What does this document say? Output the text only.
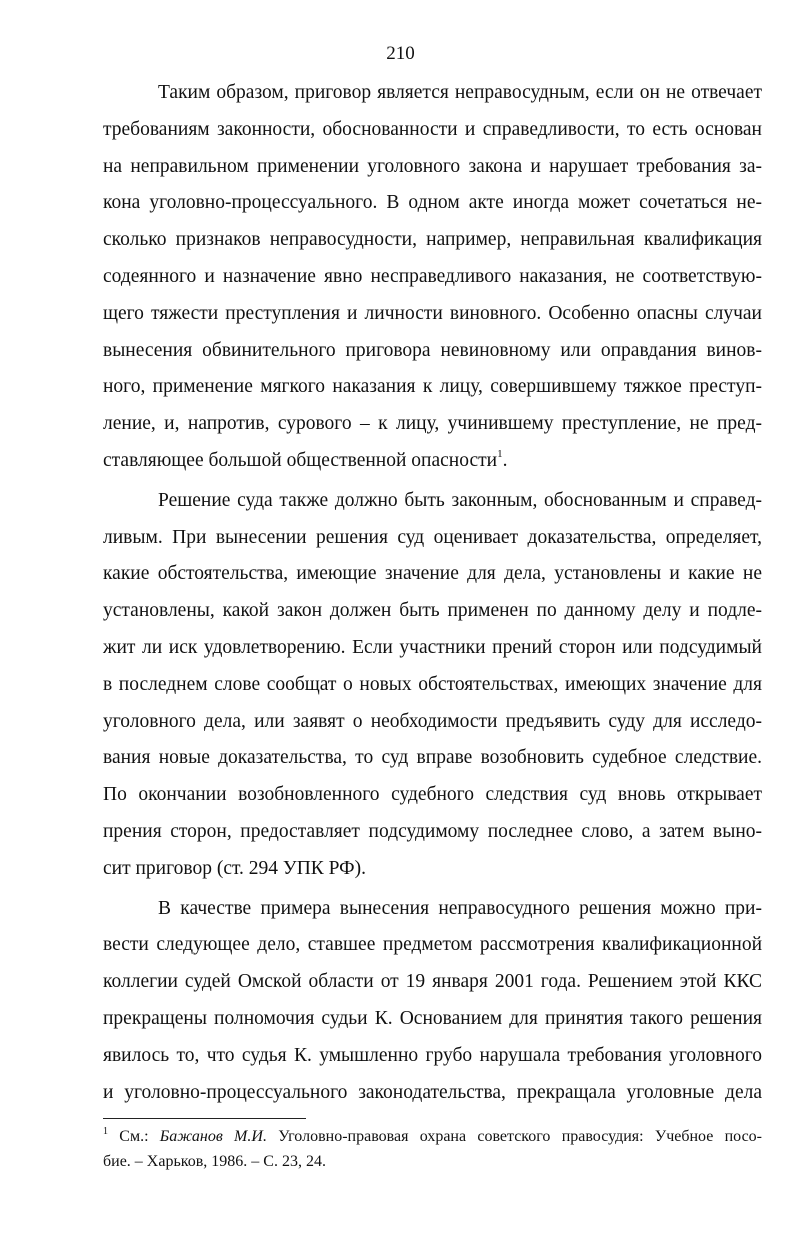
210
Таким образом, приговор является неправосудным, если он не отвечает
требованиям законности, обоснованности и справедливости, то есть основан
на неправильном применении уголовного закона и нарушает требования за-
кона уголовно-процессуального. В одном акте иногда может сочетаться не-
сколько признаков неправосудности, например, неправильная квалификация
содеянного и назначение явно несправедливого наказания, не соответствую-
щего тяжести преступления и личности виновного. Особенно опасны случаи
вынесения обвинительного приговора невиновному или оправдания винов-
ного, применение мягкого наказания к лицу, совершившему тяжкое преступ-
ление, и, напротив, сурового – к лицу, учинившему преступление, не пред-
ставляющее большой общественной опасности$^1$.
Решение суда также должно быть законным, обоснованным и справед-
ливым. При вынесении решения суд оценивает доказательства, определяет,
какие обстоятельства, имеющие значение для дела, установлены и какие не
установлены, какой закон должен быть применен по данному делу и подле-
жит ли иск удовлетворению. Если участники прений сторон или подсудимый
в последнем слове сообщат о новых обстоятельствах, имеющих значение для
уголовного дела, или заявят о необходимости предъявить суду для исследо-
вания новые доказательства, то суд вправе возобновить судебное следствие.
По окончании возобновленного судебного следствия суд вновь открывает
прения сторон, предоставляет подсудимому последнее слово, а затем выно-
сит приговор (ст. 294 УПК РФ).
В качестве примера вынесения неправосудного решения можно при-
вести следующее дело, ставшее предметом рассмотрения квалификационной
коллегии судей Омской области от 19 января 2001 года. Решением этой ККС
прекращены полномочия судьи К. Основанием для принятия такого решения
явилось то, что судья К. умышленно грубо нарушала требования уголовного
и уголовно-процессуального законодательства, прекращала уголовные дела
$^1$ См.: Бажанов М.И. Уголовно-правовая охрана советского правосудия: Учебное посо-
бие. – Харьков, 1986. – С. 23, 24.
